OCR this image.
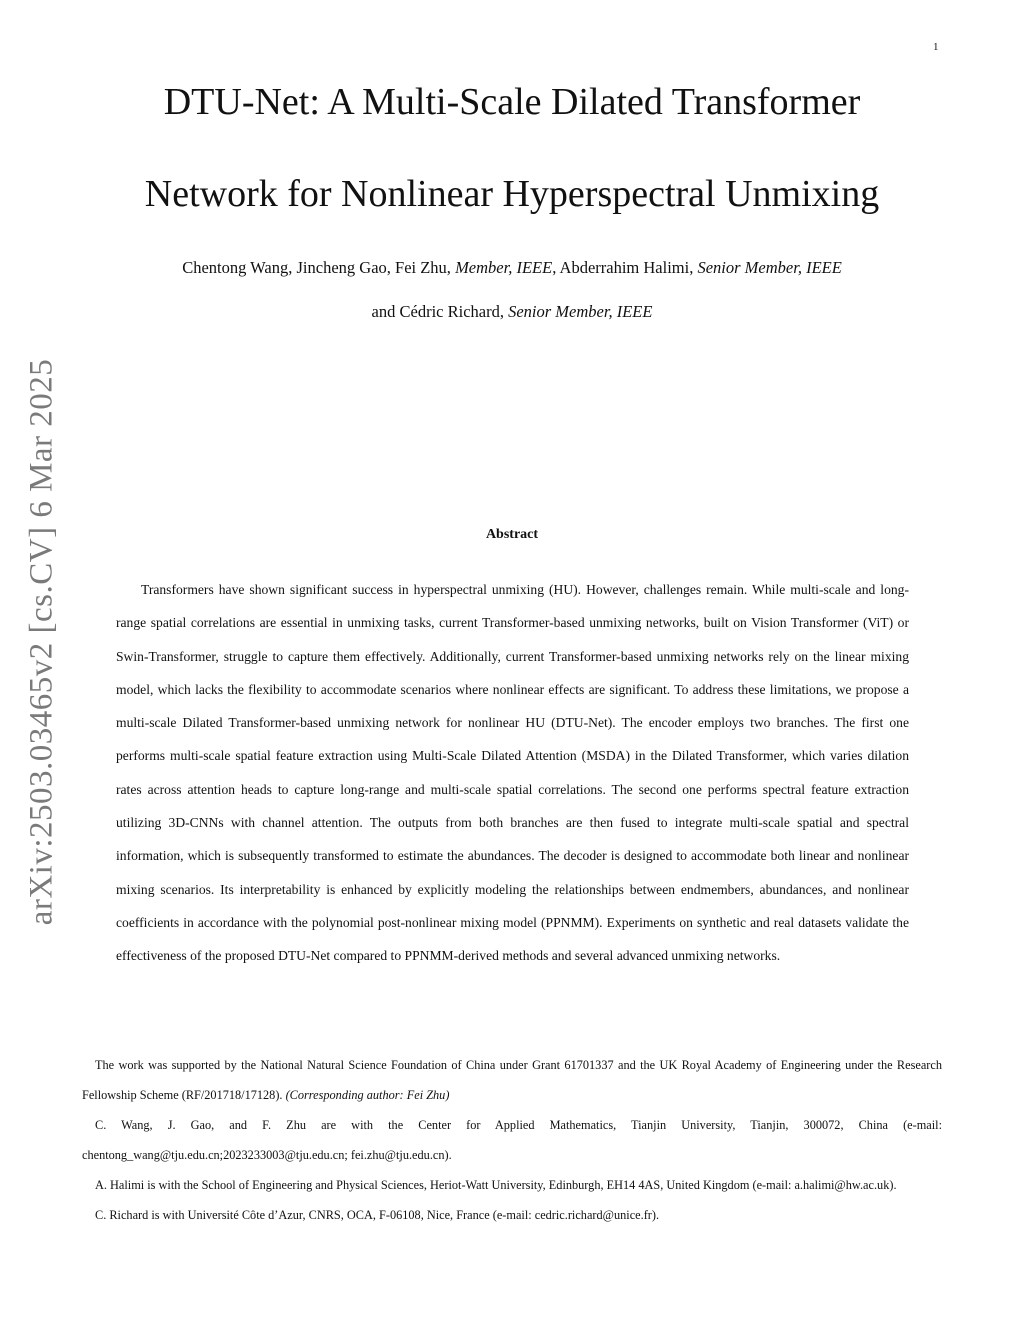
1
arXiv:2503.03465v2 [cs.CV] 6 Mar 2025
DTU-Net: A Multi-Scale Dilated Transformer
Network for Nonlinear Hyperspectral Unmixing

Chentong Wang, Jincheng Gao, Fei Zhu, Member, IEEE, Abderrahim Halimi, Senior Member, IEEE

and Cédric Richard, Senior Member, IEEE

Abstract

Transformers have shown significant success in hyperspectral unmixing (HU). However, challenges remain. While multi-scale and long-range spatial correlations are essential in unmixing tasks, current Transformer-based unmixing networks, built on Vision Transformer (ViT) or Swin-Transformer, struggle to capture them effectively. Additionally, current Transformer-based unmixing networks rely on the linear mixing model, which lacks the flexibility to accommodate scenarios where nonlinear effects are significant. To address these limitations, we propose a multi-scale Dilated Transformer-based unmixing network for nonlinear HU (DTU-Net). The encoder employs two branches. The first one performs multi-scale spatial feature extraction using Multi-Scale Dilated Attention (MSDA) in the Dilated Transformer, which varies dilation rates across attention heads to capture long-range and multi-scale spatial correlations. The second one performs spectral feature extraction utilizing 3D-CNNs with channel attention. The outputs from both branches are then fused to integrate multi-scale spatial and spectral information, which is subsequently transformed to estimate the abundances. The decoder is designed to accommodate both linear and nonlinear mixing scenarios. Its interpretability is enhanced by explicitly modeling the relationships between endmembers, abundances, and nonlinear coefficients in accordance with the polynomial post-nonlinear mixing model (PPNMM). Experiments on synthetic and real datasets validate the effectiveness of the proposed DTU-Net compared to PPNMM-derived methods and several advanced unmixing networks.

The work was supported by the National Natural Science Foundation of China under Grant 61701337 and the UK Royal Academy of Engineering under the Research Fellowship Scheme (RF/201718/17128). (Corresponding author: Fei Zhu)

C. Wang, J. Gao, and F. Zhu are with the Center for Applied Mathematics, Tianjin University, Tianjin, 300072, China (e-mail: chentong_wang@tju.edu.cn;2023233003@tju.edu.cn; fei.zhu@tju.edu.cn).

A. Halimi is with the School of Engineering and Physical Sciences, Heriot-Watt University, Edinburgh, EH14 4AS, United Kingdom (e-mail: a.halimi@hw.ac.uk).

C. Richard is with Université Côte d’Azur, CNRS, OCA, F-06108, Nice, France (e-mail: cedric.richard@unice.fr).
